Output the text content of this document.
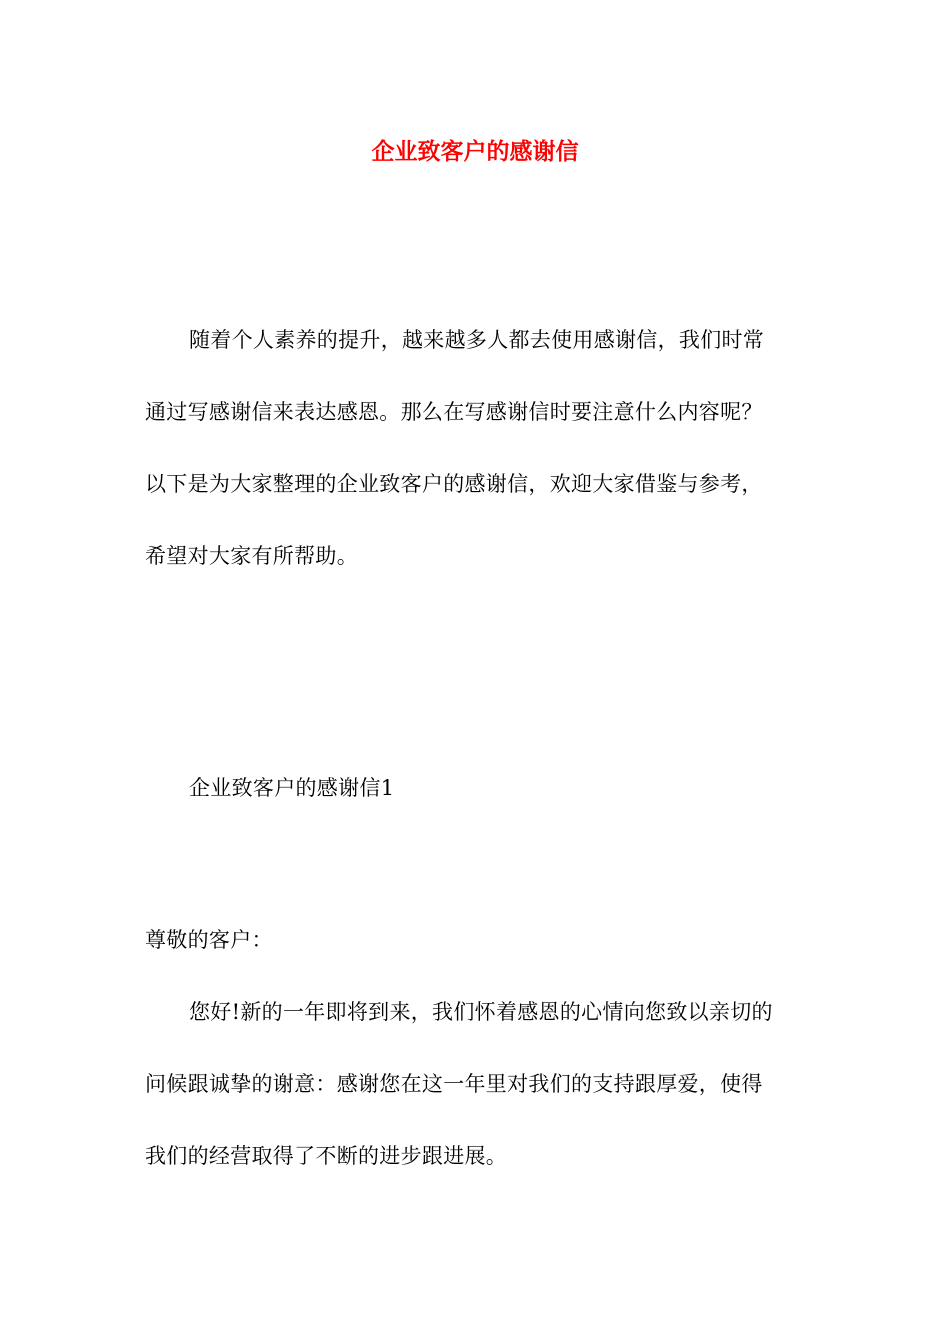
企业致客户的感谢信
随着个人素养的提升，越来越多人都去使用感谢信，我们时常
通过写感谢信来表达感恩。那么在写感谢信时要注意什么内容呢？
以下是为大家整理的企业致客户的感谢信，欢迎大家借鉴与参考，
希望对大家有所帮助。
企业致客户的感谢信1
尊敬的客户：
您好!新的一年即将到来，我们怀着感恩的心情向您致以亲切的
问候跟诚挚的谢意：感谢您在这一年里对我们的支持跟厚爱，使得
我们的经营取得了不断的进步跟进展。
